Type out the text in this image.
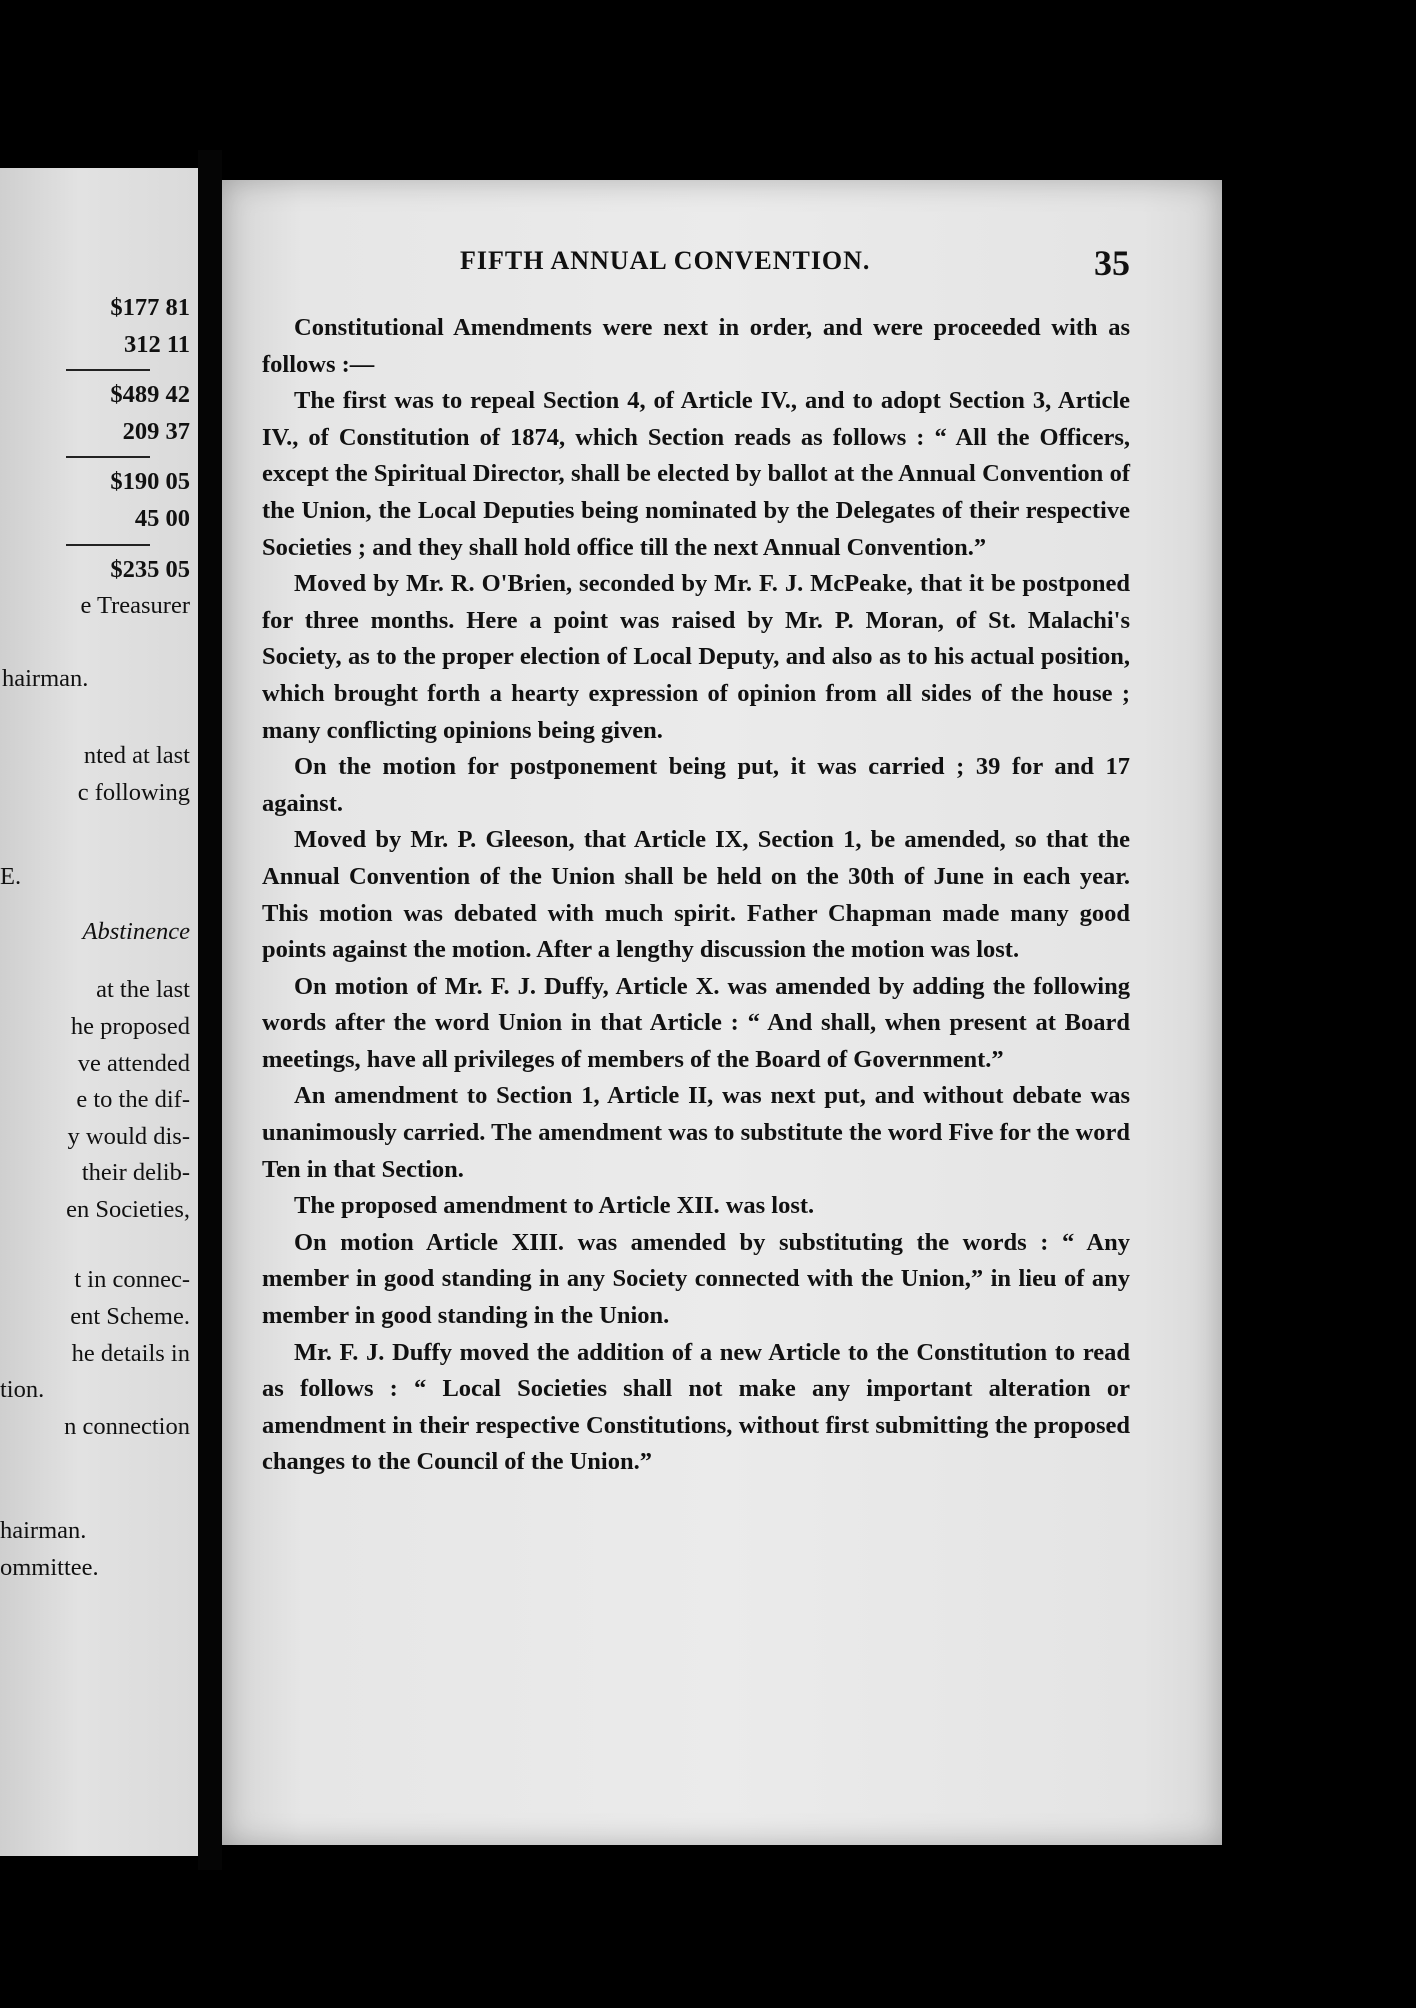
$177 81
312 11
$489 42
209 37
$190 05
45 00
$235 05
e Treasurer
hairman.
nted at last
c following
E.
Abstinence
at the last
he proposed
ve attended
e to the dif-
y would dis-
their delib-
en Societies,
t in connec-
ent Scheme.
he details in
tion.
n connection
hairman.
ommittee.
FIFTH ANNUAL CONVENTION.	35

Constitutional Amendments were next in order, and were proceeded with as follows :—

The first was to repeal Section 4, of Article IV., and to adopt Section 3, Article IV., of Constitution of 1874, which Section reads as follows : “ All the Officers, except the Spiritual Director, shall be elected by ballot at the Annual Convention of the Union, the Local Deputies being nominated by the Delegates of their respective Societies ; and they shall hold office till the next Annual Convention.”

Moved by Mr. R. O'Brien, seconded by Mr. F. J. McPeake, that it be postponed for three months. Here a point was raised by Mr. P. Moran, of St. Malachi's Society, as to the proper election of Local Deputy, and also as to his actual position, which brought forth a hearty expression of opinion from all sides of the house ; many conflicting opinions being given.

On the motion for postponement being put, it was carried ; 39 for and 17 against.

Moved by Mr. P. Gleeson, that Article IX, Section 1, be amended, so that the Annual Convention of the Union shall be held on the 30th of June in each year. This motion was debated with much spirit. Father Chapman made many good points against the motion. After a lengthy discussion the motion was lost.

On motion of Mr. F. J. Duffy, Article X. was amended by adding the following words after the word Union in that Article : “ And shall, when present at Board meetings, have all privileges of members of the Board of Government.”

An amendment to Section 1, Article II, was next put, and without debate was unanimously carried. The amendment was to substitute the word Five for the word Ten in that Section.

The proposed amendment to Article XII. was lost.

On motion Article XIII. was amended by substituting the words : “ Any member in good standing in any Society connected with the Union,” in lieu of any member in good standing in the Union.

Mr. F. J. Duffy moved the addition of a new Article to the Constitution to read as follows : “ Local Societies shall not make any important alteration or amendment in their respective Constitutions, without first submitting the proposed changes to the Council of the Union.”
